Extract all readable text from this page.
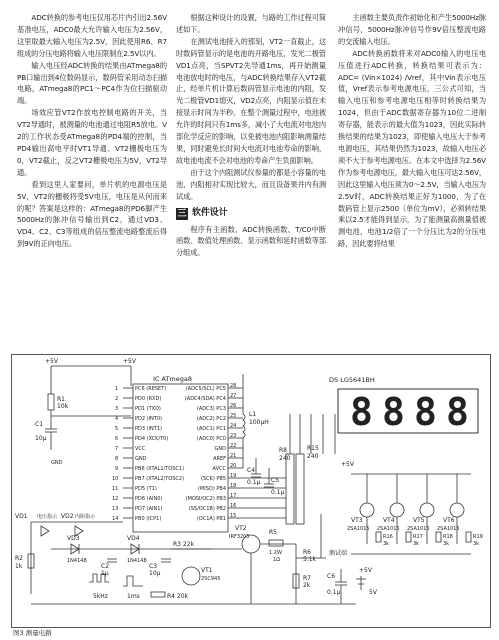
ADC转换的参考电压仅用芯片内引出2.56V基准电压，ADC0最大允许输入电压为2.56V，这里取最大输入电压为2.5V，因此使用R6、R7组成的分压电路将输入电压限制在2.5V以内。

输入电压经ADC转换的结果由ATmega8的PB口输出到4位数码显示，数码管采用动态扫描电路，ATmega8的PC1～PC4作为位扫描驱动端。

场效应管VT2作放电控制电路的开关，当VT2导通时，被测量的电池通过电阻R5放电。V 2的工作状态受ATmega8的PD4端的控制，当PD4输出高电平时VT1导通、VT2栅极电压为0，VT2截止，反之VT2栅极电压为5V，VT2导通。

看到这里人家要问，单片机的电源电压是5V，VT2的栅极将受5V电压，电压是从何而来的呢？答案是这样的：ATmega8的PD6脚产生5000Hz的脉冲信号输出到C2，通过VD3、VD4、C2、C3等组成的倍压整流电路整流后得到9V的正向电压。

根据这种设计的设置，与路的工作过程可简述如下。

在测试电池接入的那刻，VT2一直截止，这时数码管显示的是电池的开路电压，发光二极管VD1点亮，当SPVT2先导通1ms，再开始测量电池放电时的电压，与ADC转换结果存入VT2截止，经单片机计算后数码管显示电池的内阻，发光二极管VD1熄灭，VD2点亮，内阻显示值在未接显示时间为半秒。在整个测量过程中，电池被允许的时间只有1ms多，减小了大电流对电池内部化学反应的影响，以免被电池内阻影响测量结果，同时避免长时间大电流对电池寿命的影响，故电池电流不会对电池的寿命产生负面影响。

由于这个内阻测试仪参量的都是小容量的电池，内阻相对实现比较大，而且设备果并内有测试成。

三 软件设计

程序有主函数、ADC转换函数、T/C0中断函数、数值处理函数、显示函数和延时函数等部分组成。

主函数主要负责作初始化和产生5000Hz脉冲信号，5000Hz脉冲信号作9V倍压整流电路的交流输入电压。

ADC转换函数将来对ADC0输入的电压电压值进行ADC转换，转换结果可表示为：ADC= (Vin×1024) /Vref，其中Vin表示电压值，Vref表示参考电源电压，三公式可知，当输入电压和参考电源电压相等时转换结果为1024，但由于ADC数据寄存器为10位二进制寄存器，能表示的最大值为1023，因此实际转换结果的结果为1023，即使输入电压大于参考电源电压，其结果仍然为1023，故输入电压必须不大于参考电源电压。在本文中选择为2.56V作为参考电源电压，最大输入电压可达2.56V，因此这里输入电压须为0～2.5V，当输入电压为2.5V时，ADC转换结果正好为1000，为了在数码管上显示2500（单位为mV），必须转结果乘以2.5才能得到显示，为了能测量高测量值被测电池，电池1/2倍了一个分压比为2的分压电路，因此要将结果

8 8 8 8
+5V	+5V
R1
10k
C1
10μ
IC ATmega8	DS LG5641BH
PC6 (RESET)
PD0 (RXD)
PD1 (TXD)
PD2 (INT0)
PD3 (INT1)
PD4 (XCK/T0)
VCC
GND
PB6 (XTAL1/TOSC1)
PB7 (XTAL2/TOSC2)
PD5 (T1)
PD6 (AIN0)
PD7 (AIN1)
PB0 (ICP1)
(ADC5/SCL) PC5
(ADC4/SDA) PC4
(ADC3) PC3
(ADC2) PC2
(ADC1) PC1
(ADC0) PC0
GND
AREF
AVCC
(SCK) PB5
(MISO) PB4
(MOSI/OC2) PB3
(SS/OC1B) PB2
(OC1A) PB1
1
2
3
4
5
6
7
8
9
10
11
12
13
14
28
27
26
25
24
23
22
21
20
19
18
17
16
15
L1
100μH
C4
0.1μ C5
0.1μ
R8
240
R15
240
+5V
VT3	VT4	VT5	VT6
2SA1015 2SA1015 2SA1015 2SA1015
R16	R17	R18	R19
3k	3k	3k	3k
VD1 电压指示 VD2 内阻指示
R2
1k
VD3
1N4148
VD4
1N4148
R3 22k
C2
1μ
C3
10μ
5kHz	1ms	R4 20k
VT1
2SC945
VT2
IRF3205
R5
1.2W
1Ω
R6
5.1k
R7
2k
测试端
C6
0.1μ
+5V
5V
GND
图3 测量电路
